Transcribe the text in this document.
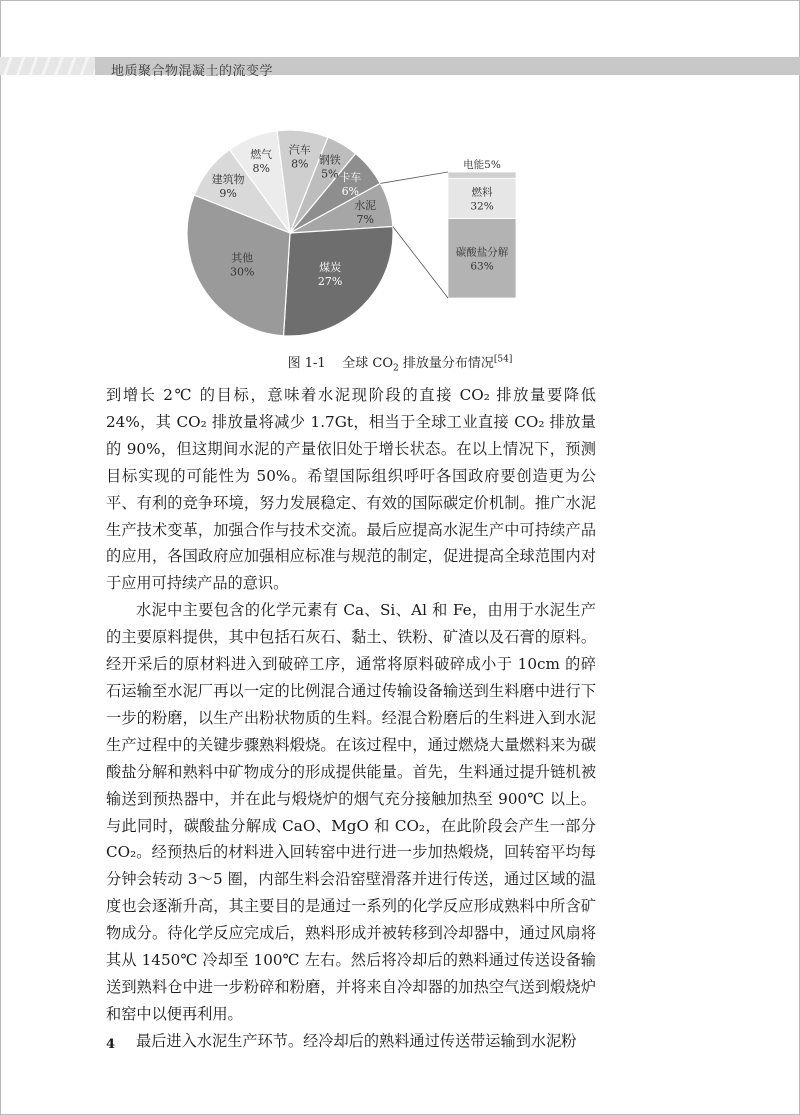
地质聚合物混凝土的流变学
燃气
8%
汽车
8% 钢铁
5% 卡车
6%
水泥
7%
煤炭
27%
其他
30%
建筑物
9%
电能5%
燃料
32%
碳酸盐分解
63%
图 1-1 全球 $CO_2$ 排放量分布情况[54]

到增长 2℃ 的目标，意味着水泥现阶段的直接 CO₂ 排放量要降低 24%，其 CO₂ 排放量将减少 1.7Gt，相当于全球工业直接 CO₂ 排放量的 90%，但这期间水泥的产量依旧处于增长状态。在以上情况下，预测目标实现的可能性为 50%。希望国际组织呼吁各国政府要创造更为公平、有利的竞争环境，努力发展稳定、有效的国际碳定价机制。推广水泥生产技术变革，加强合作与技术交流。最后应提高水泥生产中可持续产品的应用，各国政府应加强相应标准与规范的制定，促进提高全球范围内对于应用可持续产品的意识。

水泥中主要包含的化学元素有 Ca、Si、Al 和 Fe，由用于水泥生产的主要原料提供，其中包括石灰石、黏土、铁粉、矿渣以及石膏的原料。经开采后的原材料进入到破碎工序，通常将原料破碎成小于 10cm 的碎石运输至水泥厂再以一定的比例混合通过传输设备输送到生料磨中进行下一步的粉磨，以生产出粉状物质的生料。经混合粉磨后的生料进入到水泥生产过程中的关键步骤熟料煅烧。在该过程中，通过燃烧大量燃料来为碳酸盐分解和熟料中矿物成分的形成提供能量。首先，生料通过提升链机被输送到预热器中，并在此与煅烧炉的烟气充分接触加热至 900℃ 以上。与此同时，碳酸盐分解成 CaO、MgO 和 CO₂，在此阶段会产生一部分 CO₂。经预热后的材料进入回转窑中进行进一步加热煅烧，回转窑平均每分钟会转动 3～5 圈，内部生料会沿窑壁滑落并进行传送，通过区域的温度也会逐渐升高，其主要目的是通过一系列的化学反应形成熟料中所含矿物成分。待化学反应完成后，熟料形成并被转移到冷却器中，通过风扇将其从 1450℃ 冷却至 100℃ 左右。然后将冷却后的熟料通过传送设备输送到熟料仓中进一步粉碎和粉磨，并将来自冷却器的加热空气送到煅烧炉和窑中以便再利用。

最后进入水泥生产环节。经冷却后的熟料通过传送带运输到水泥粉

4
